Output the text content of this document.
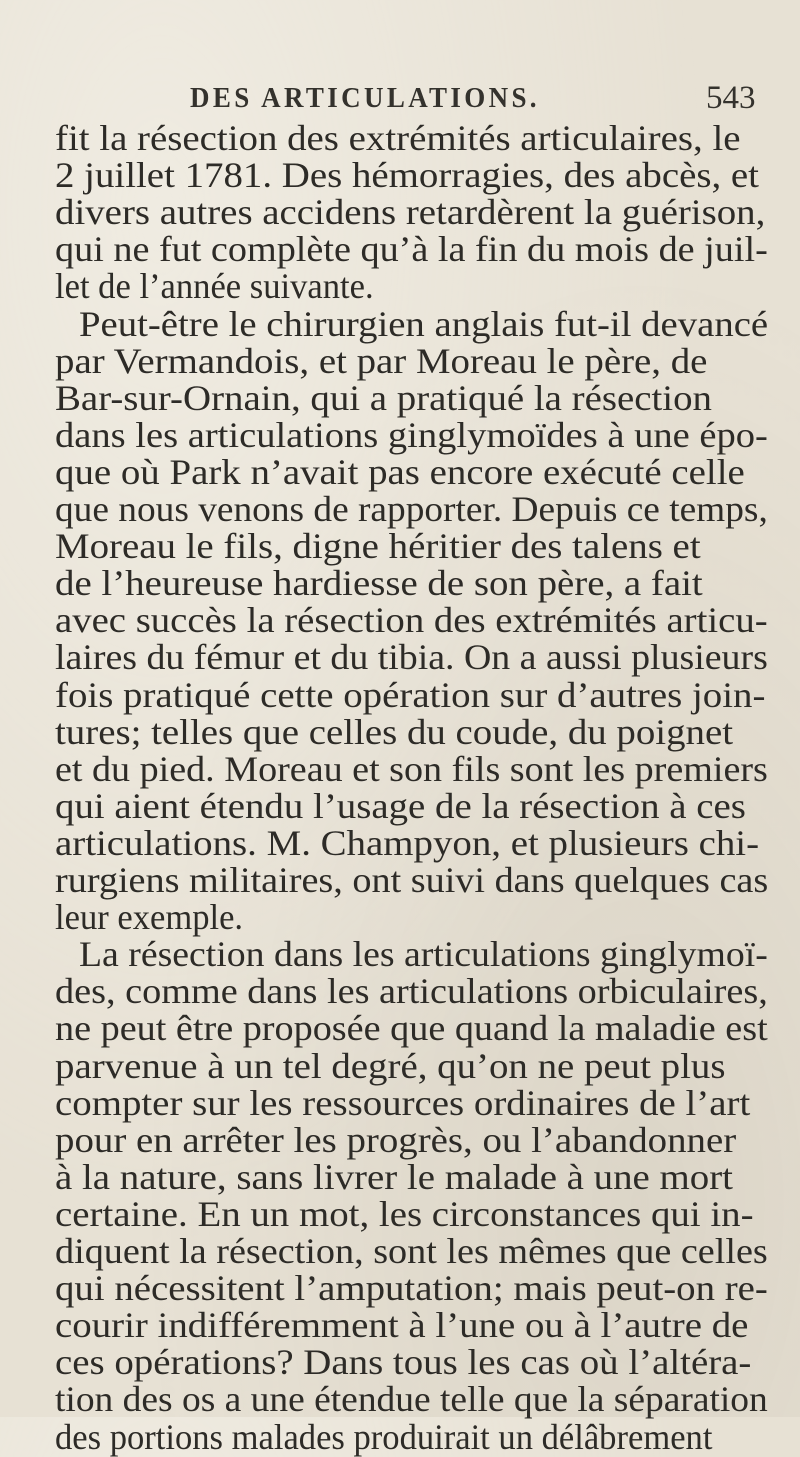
DES ARTICULATIONS.	543
fit la résection des extrémités articulaires, le
2 juillet 1781. Des hémorragies, des abcès, et
divers autres accidens retardèrent la guérison,
qui ne fut complète qu’à la fin du mois de juil-
let de l’année suivante.
Peut-être le chirurgien anglais fut-il devancé
par Vermandois, et par Moreau le père, de
Bar-sur-Ornain, qui a pratiqué la résection
dans les articulations ginglymoïdes à une épo-
que où Park n’avait pas encore exécuté celle
que nous venons de rapporter. Depuis ce temps,
Moreau le fils, digne héritier des talens et
de l’heureuse hardiesse de son père, a fait
avec succès la résection des extrémités articu-
laires du fémur et du tibia. On a aussi plusieurs
fois pratiqué cette opération sur d’autres join-
tures; telles que celles du coude, du poignet
et du pied. Moreau et son fils sont les premiers
qui aient étendu l’usage de la résection à ces
articulations. M. Champyon, et plusieurs chi-
rurgiens militaires, ont suivi dans quelques cas
leur exemple.
La résection dans les articulations ginglymoï-
des, comme dans les articulations orbiculaires,
ne peut être proposée que quand la maladie est
parvenue à un tel degré, qu’on ne peut plus
compter sur les ressources ordinaires de l’art
pour en arrêter les progrès, ou l’abandonner
à la nature, sans livrer le malade à une mort
certaine. En un mot, les circonstances qui in-
diquent la résection, sont les mêmes que celles
qui nécessitent l’amputation; mais peut-on re-
courir indifféremment à l’une ou à l’autre de
ces opérations? Dans tous les cas où l’altéra-
tion des os a une étendue telle que la séparation
des portions malades produirait un délâbrement
